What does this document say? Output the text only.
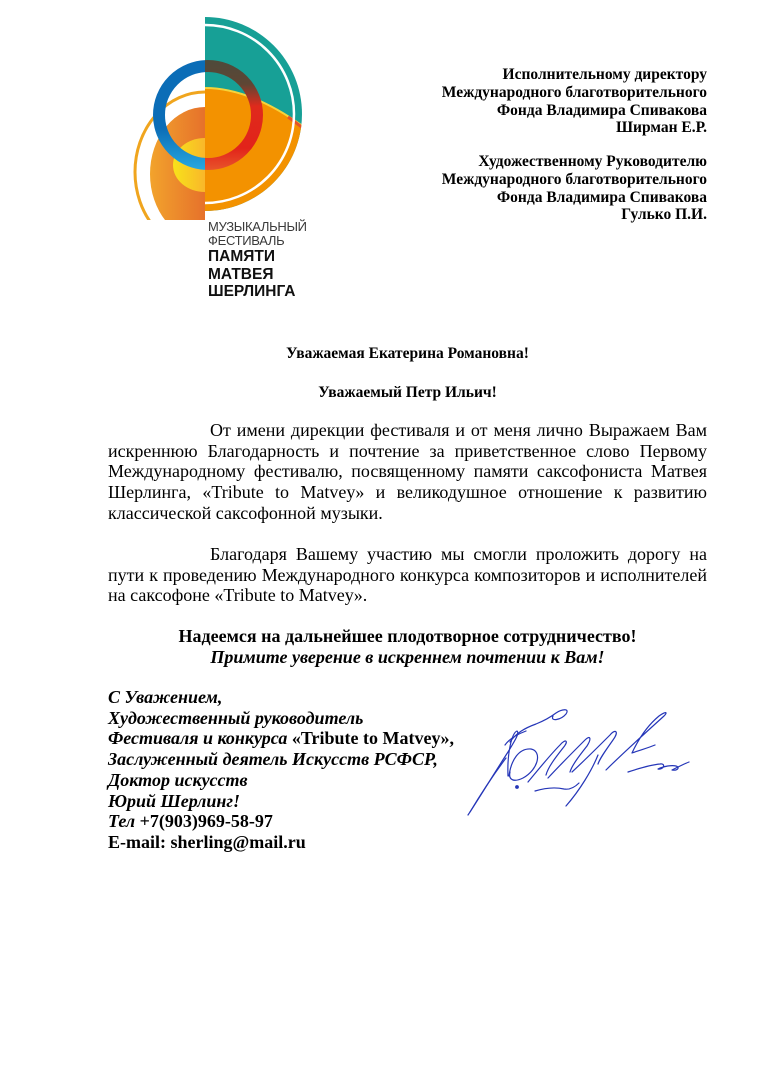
МУЗЫКАЛЬНЫЙ
ФЕСТИВАЛЬ
ПАМЯТИ
МАТВЕЯ
ШЕРЛИНГА
Исполнительному директору
Международного благотворительного
Фонда Владимира Спивакова
Ширман Е.Р.
Художественному Руководителю
Международного благотворительного
Фонда Владимира Спивакова
Гулько П.И.
Уважаемая Екатерина Романовна!
Уважаемый Петр Ильич!
От имени дирекции фестиваля и от меня лично Выражаем Вам
искреннюю Благодарность и почтение за приветственное слово Первому
Международному фестивалю, посвященному памяти саксофониста Матвея
Шерлинга, «Tribute to Matvey» и великодушное отношение к развитию
классической саксофонной музыки.
Благодаря Вашему участию мы смогли проложить дорогу на
пути к проведению Международного конкурса композиторов и исполнителей
на саксофоне «Tribute to Matvey».
Надеемся на дальнейшее плодотворное сотрудничество!
Примите уверение в искреннем почтении к Вам!
С Уважением,
Художественный руководитель
Фестиваля и конкурса «Tribute to Matvey»,
Заслуженный деятель Искусств РСФСР,
Доктор искусств
Юрий Шерлинг!
Тел +7(903)969-58-97
E-mail: sherling@mail.ru
